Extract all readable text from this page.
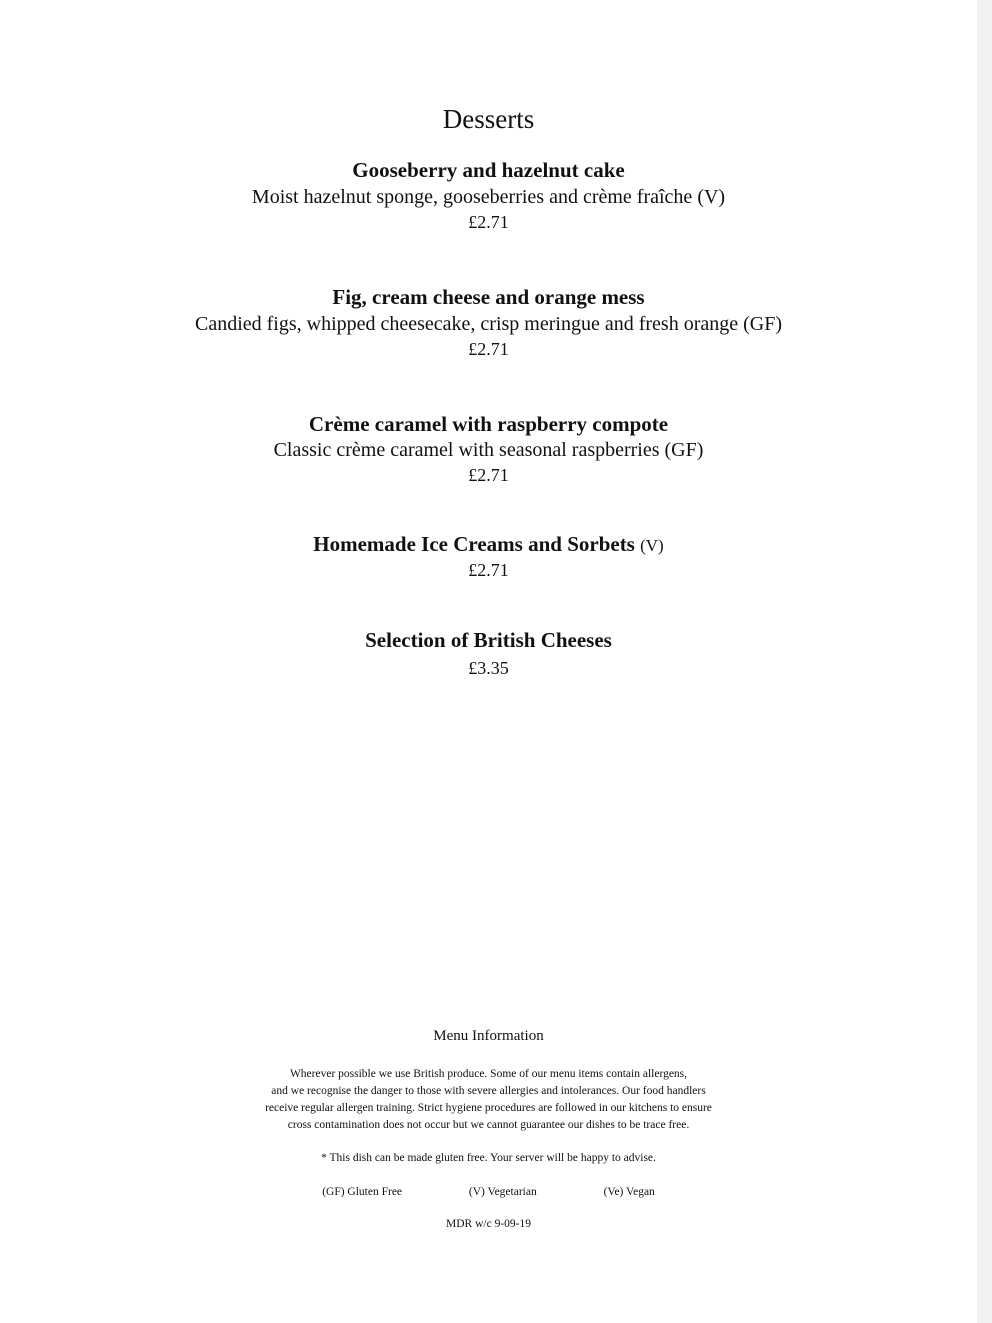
Desserts
Gooseberry and hazelnut cake
Moist hazelnut sponge, gooseberries and crème fraîche (V)
£2.71
Fig, cream cheese and orange mess
Candied figs, whipped cheesecake, crisp meringue and fresh orange (GF)
£2.71
Crème caramel with raspberry compote
Classic crème caramel with seasonal raspberries (GF)
£2.71
Homemade Ice Creams and Sorbets (V)
£2.71
Selection of British Cheeses
£3.35
Menu Information
Wherever possible we use British produce. Some of our menu items contain allergens,
and we recognise the danger to those with severe allergies and intolerances. Our food handlers
receive regular allergen training. Strict hygiene procedures are followed in our kitchens to ensure
cross contamination does not occur but we cannot guarantee our dishes to be trace free.
* This dish can be made gluten free. Your server will be happy to advise.
(GF) Gluten Free	(V) Vegetarian	(Ve) Vegan
MDR w/c 9-09-19
